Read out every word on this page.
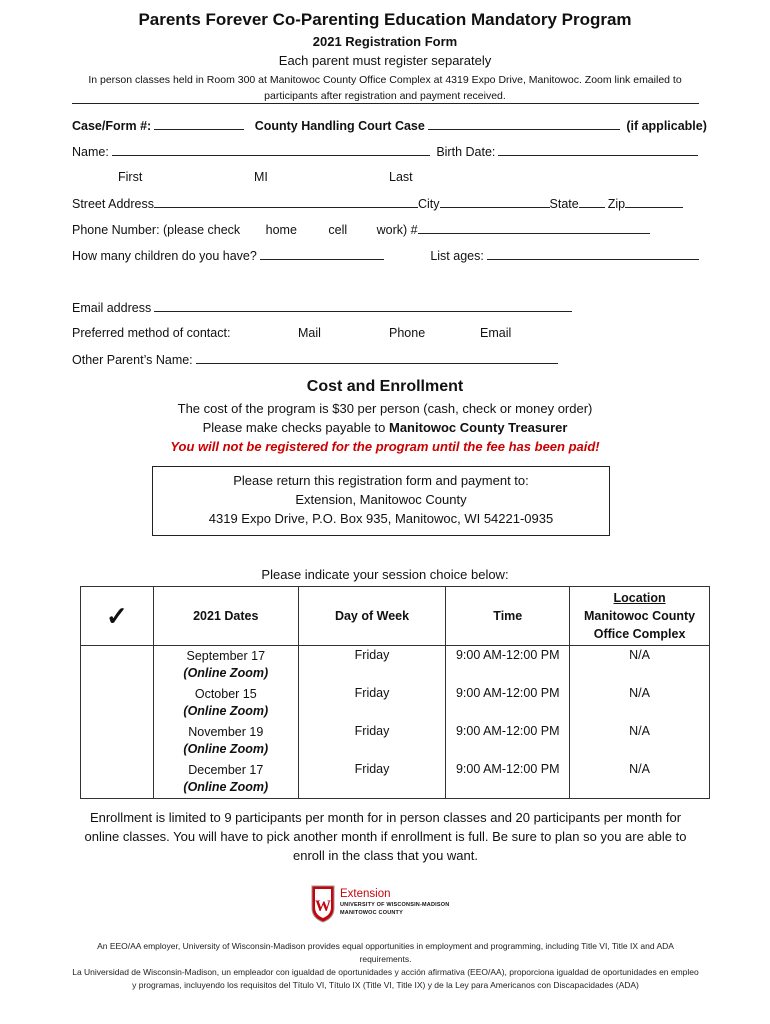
Parents Forever Co-Parenting Education Mandatory Program
2021 Registration Form
Each parent must register separately
In person classes held in Room 300 at Manitowoc County Office Complex at 4319 Expo Drive, Manitowoc. Zoom link emailed to participants after registration and payment received.
Case/Form #:	County Handling Court Case	(if applicable)
Name:	Birth Date:
First	MI	Last
Street Address	City	State Zip
Phone Number: (please check home	cell work) #
How many children do you have?	List ages:
Email address
Preferred method of contact:	Mail	Phone	Email
Other Parent’s Name:
Cost and Enrollment
The cost of the program is $30 per person (cash, check or money order)
Please make checks payable to Manitowoc County Treasurer
You will not be registered for the program until the fee has been paid!
Please return this registration form and payment to:
Extension, Manitowoc County
4319 Expo Drive, P.O. Box 935, Manitowoc, WI 54221-0935
Please indicate your session choice below:
✓	2021 Dates	Day of Week	Time	Location
Manitowoc County Office Complex

	September 17
(Online Zoom)	Friday	9:00 AM-12:00 PM	N/A

	October 15
(Online Zoom)	Friday	9:00 AM-12:00 PM	N/A

	November 19
(Online Zoom)	Friday	9:00 AM-12:00 PM	N/A

	December 17
(Online Zoom)	Friday	9:00 AM-12:00 PM	N/A
Enrollment is limited to 9 participants per month for in person classes and 20 participants per month for online classes. You will have to pick another month if enrollment is full. Be sure to plan so you are able to enroll in the class that you want.
W
Extension
UNIVERSITY OF WISCONSIN-MADISON
MANITOWOC COUNTY
An EEO/AA employer, University of Wisconsin-Madison provides equal opportunities in employment and programming, including Title VI, Title IX and ADA requirements.
La Universidad de Wisconsin-Madison, un empleador con igualdad de oportunidades y acción afirmativa (EEO/AA), proporciona igualdad de oportunidades en empleo y programas, incluyendo los requisitos del Título VI, Título IX (Title VI, Title IX) y de la Ley para Americanos con Discapacidades (ADA)
